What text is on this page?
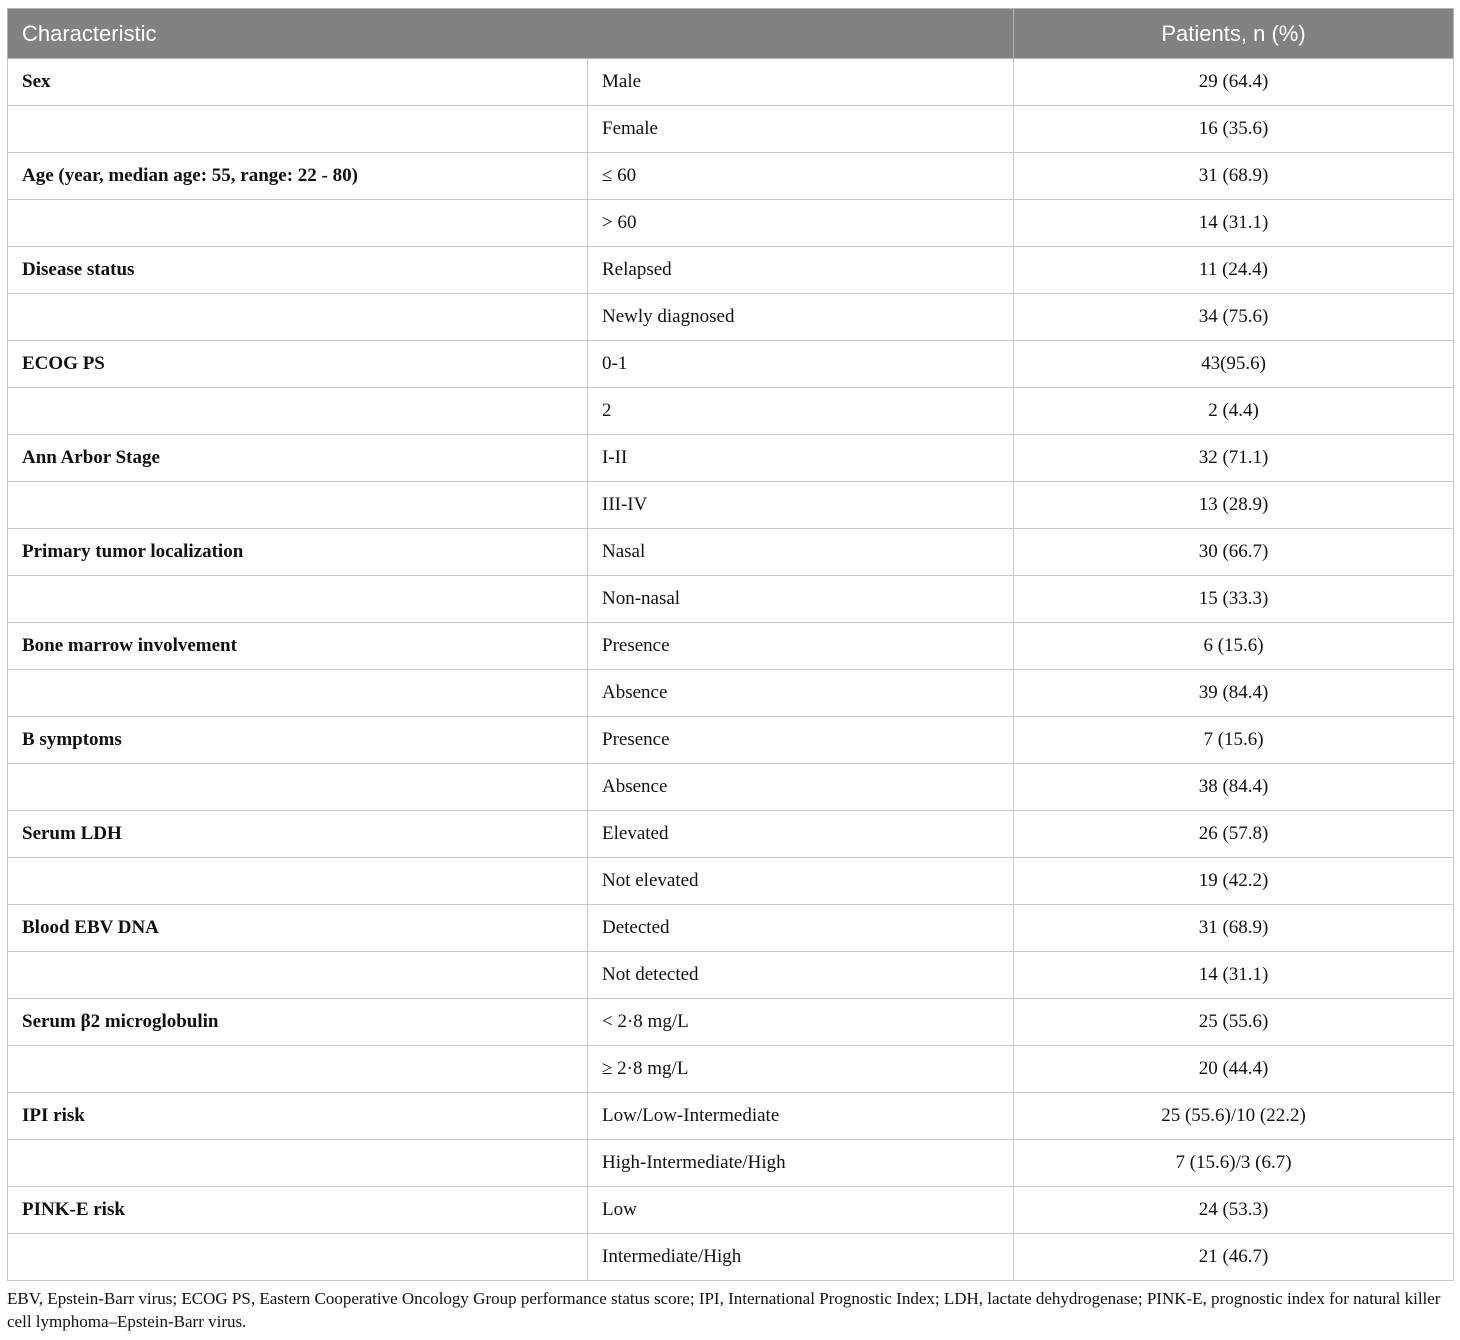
Characteristic		Patients, n (%)
Sex	Male	29 (64.4)
	Female	16 (35.6)
Age (year, median age: 55, range: 22 - 80)	≤ 60	31 (68.9)
	> 60	14 (31.1)
Disease status	Relapsed	11 (24.4)
	Newly diagnosed	34 (75.6)
ECOG PS	0-1	43(95.6)
	2	2 (4.4)
Ann Arbor Stage	I-II	32 (71.1)
	III-IV	13 (28.9)
Primary tumor localization	Nasal	30 (66.7)
	Non-nasal	15 (33.3)
Bone marrow involvement	Presence	6 (15.6)
	Absence	39 (84.4)
B symptoms	Presence	7 (15.6)
	Absence	38 (84.4)
Serum LDH	Elevated	26 (57.8)
	Not elevated	19 (42.2)
Blood EBV DNA	Detected	31 (68.9)
	Not detected	14 (31.1)
Serum β2 microglobulin	< 2·8 mg/L	25 (55.6)
	≥ 2·8 mg/L	20 (44.4)
IPI risk	Low/Low-Intermediate	25 (55.6)/10 (22.2)
	High-Intermediate/High	7 (15.6)/3 (6.7)
PINK-E risk	Low	24 (53.3)
	Intermediate/High	21 (46.7)
EBV, Epstein-Barr virus; ECOG PS, Eastern Cooperative Oncology Group performance status score; IPI, International Prognostic Index; LDH, lactate dehydrogenase; PINK-E, prognostic index for natural killer cell lymphoma–Epstein-Barr virus.
